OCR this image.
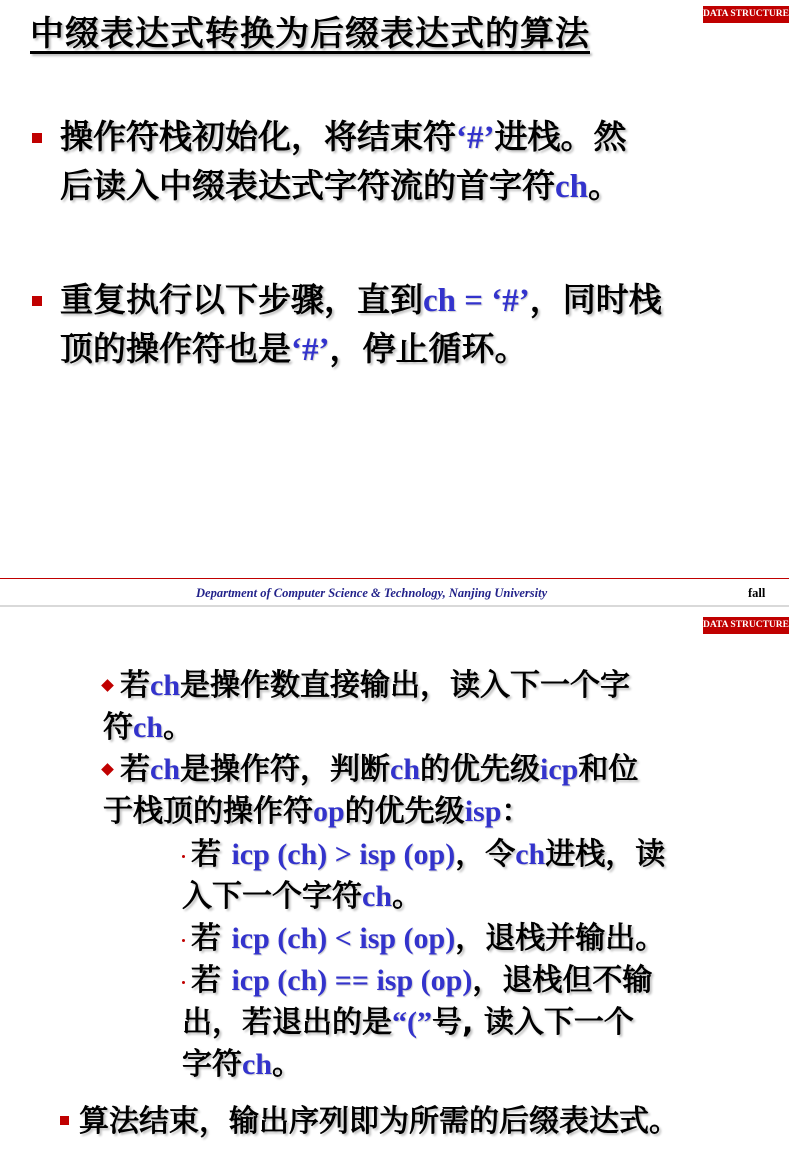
DATA STRUCTURE
中缀表达式转换为后缀表达式的算法
操作符栈初始化，将结束符‘#’进栈。然
后读入中缀表达式字符流的首字符ch。
重复执行以下步骤，直到ch = ‘#’，同时栈
顶的操作符也是‘#’，停止循环。
Department of Computer Science & Technology, Nanjing University	fall
DATA STRUCTURE
若ch是操作数直接输出，读入下一个字
符ch。
若ch是操作符，判断ch的优先级icp和位
于栈顶的操作符op的优先级isp：
若 icp (ch) > isp (op)，令ch进栈，读
入下一个字符ch。
若 icp (ch) < isp (op)，退栈并输出。
若 icp (ch) == isp (op)，退栈但不输
出，若退出的是“(”号, 读入下一个
字符ch。
算法结束，输出序列即为所需的后缀表达式。
